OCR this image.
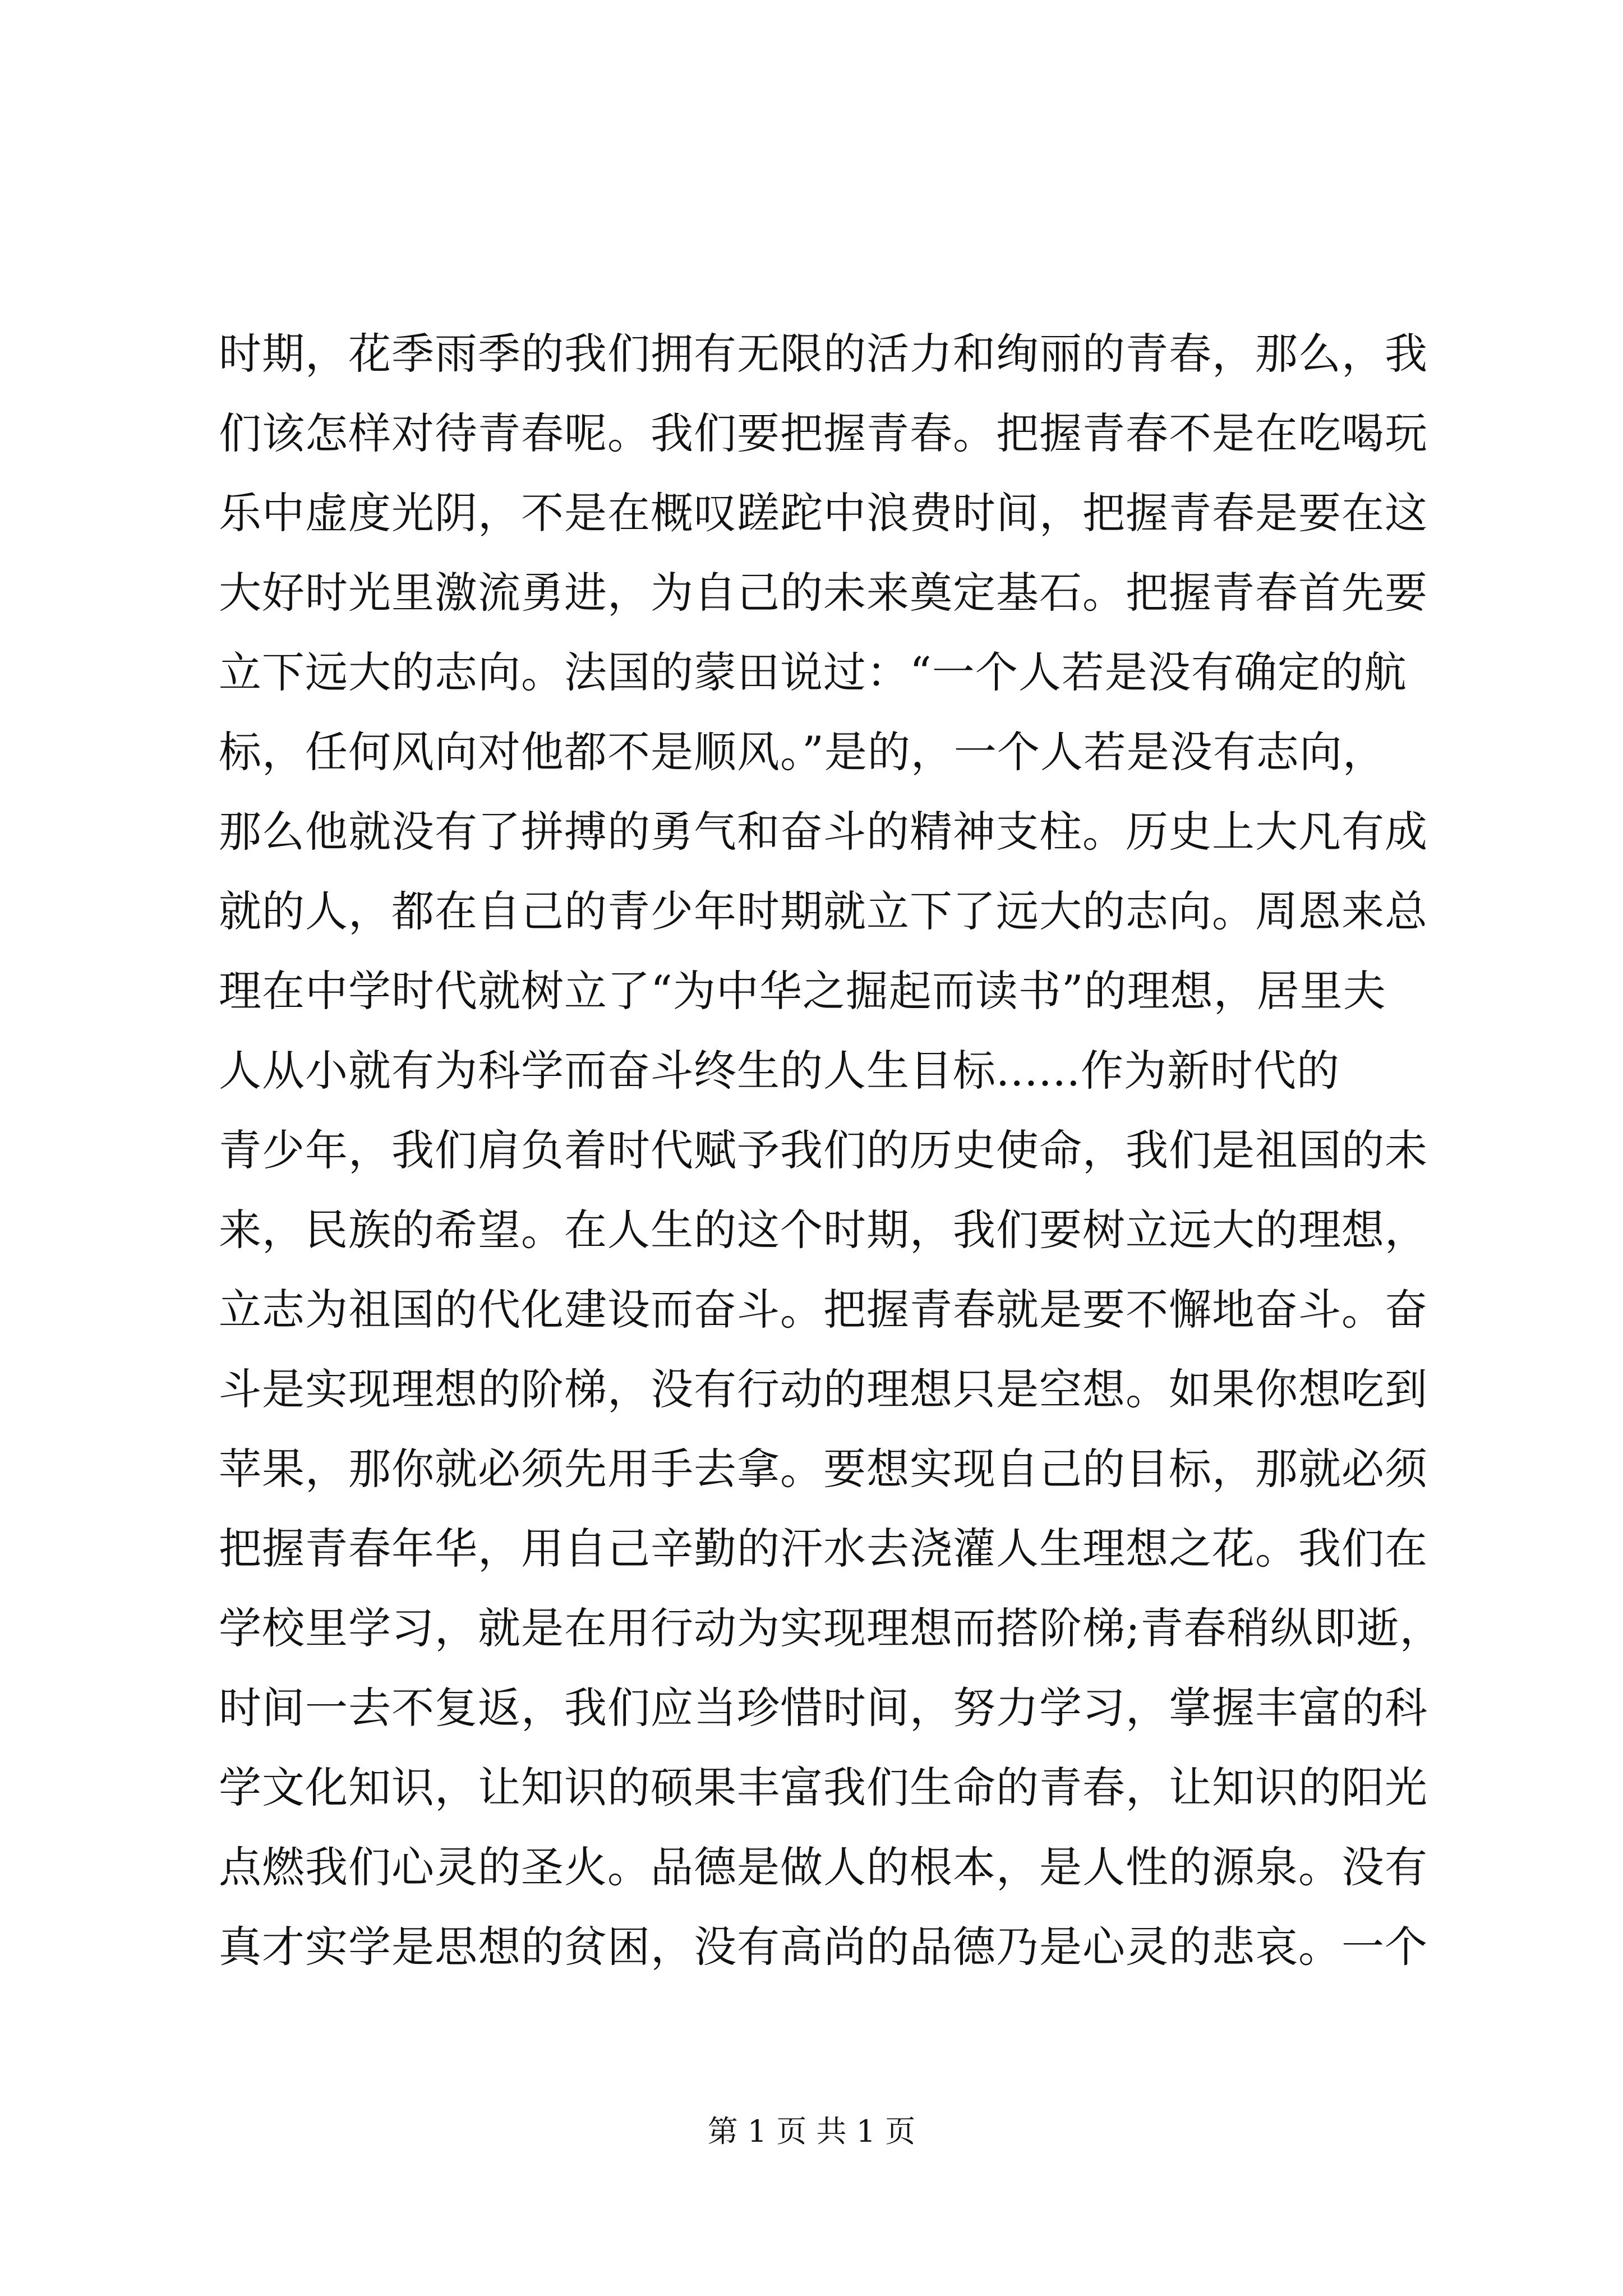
时期，花季雨季的我们拥有无限的活力和绚丽的青春，那么，我
们该怎样对待青春呢。我们要把握青春。把握青春不是在吃喝玩
乐中虚度光阴，不是在概叹蹉跎中浪费时间，把握青春是要在这
大好时光里激流勇进，为自己的未来奠定基石。把握青春首先要
立下远大的志向。法国的蒙田说过：“一个人若是没有确定的航
标，任何风向对他都不是顺风。”是的，一个人若是没有志向，
那么他就没有了拼搏的勇气和奋斗的精神支柱。历史上大凡有成
就的人，都在自己的青少年时期就立下了远大的志向。周恩来总
理在中学时代就树立了“为中华之掘起而读书”的理想，居里夫
人从小就有为科学而奋斗终生的人生目标......作为新时代的
青少年，我们肩负着时代赋予我们的历史使命，我们是祖国的未
来，民族的希望。在人生的这个时期，我们要树立远大的理想，
立志为祖国的代化建设而奋斗。把握青春就是要不懈地奋斗。奋
斗是实现理想的阶梯，没有行动的理想只是空想。如果你想吃到
苹果，那你就必须先用手去拿。要想实现自己的目标，那就必须
把握青春年华，用自己辛勤的汗水去浇灌人生理想之花。我们在
学校里学习，就是在用行动为实现理想而搭阶梯;青春稍纵即逝，
时间一去不复返，我们应当珍惜时间，努力学习，掌握丰富的科
学文化知识，让知识的硕果丰富我们生命的青春，让知识的阳光
点燃我们心灵的圣火。品德是做人的根本，是人性的源泉。没有
真才实学是思想的贫困，没有高尚的品德乃是心灵的悲哀。一个
第 1 页 共 1 页
